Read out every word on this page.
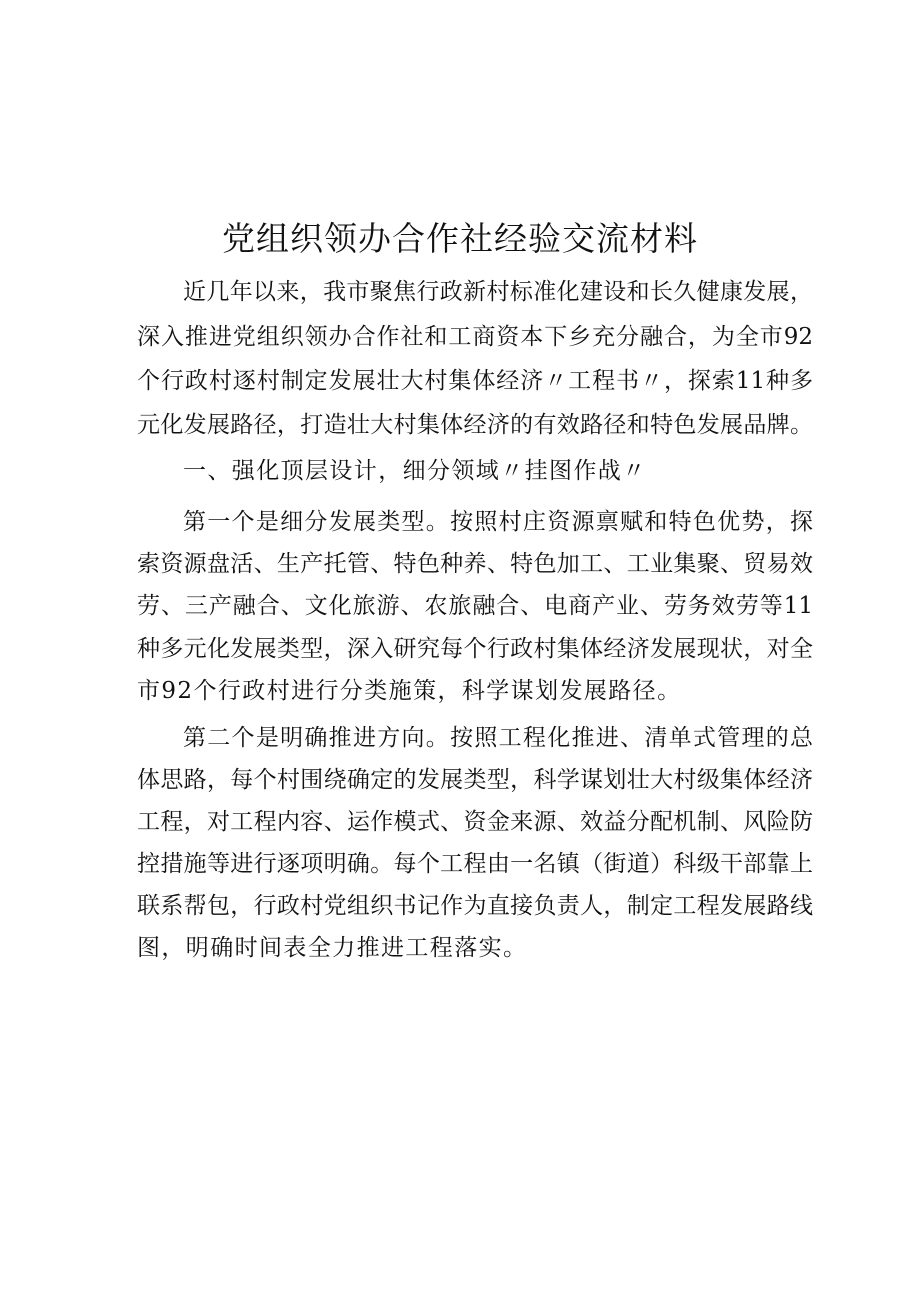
党组织领办合作社经验交流材料
近几年以来，我市聚焦行政新村标准化建设和长久健康发展，
深入推进党组织领办合作社和工商资本下乡充分融合，为全市92
个行政村逐村制定发展壮大村集体经济〃工程书〃，探索11种多
元化发展路径，打造壮大村集体经济的有效路径和特色发展品牌。
一、强化顶层设计，细分领域〃挂图作战〃
第一个是细分发展类型。按照村庄资源禀赋和特色优势，探
索资源盘活、生产托管、特色种养、特色加工、工业集聚、贸易效
劳、三产融合、文化旅游、农旅融合、电商产业、劳务效劳等11
种多元化发展类型，深入研究每个行政村集体经济发展现状，对全
市92个行政村进行分类施策，科学谋划发展路径。
第二个是明确推进方向。按照工程化推进、清单式管理的总
体思路，每个村围绕确定的发展类型，科学谋划壮大村级集体经济
工程，对工程内容、运作模式、资金来源、效益分配机制、风险防
控措施等进行逐项明确。每个工程由一名镇（街道）科级干部靠上
联系帮包，行政村党组织书记作为直接负责人，制定工程发展路线
图，明确时间表全力推进工程落实。
